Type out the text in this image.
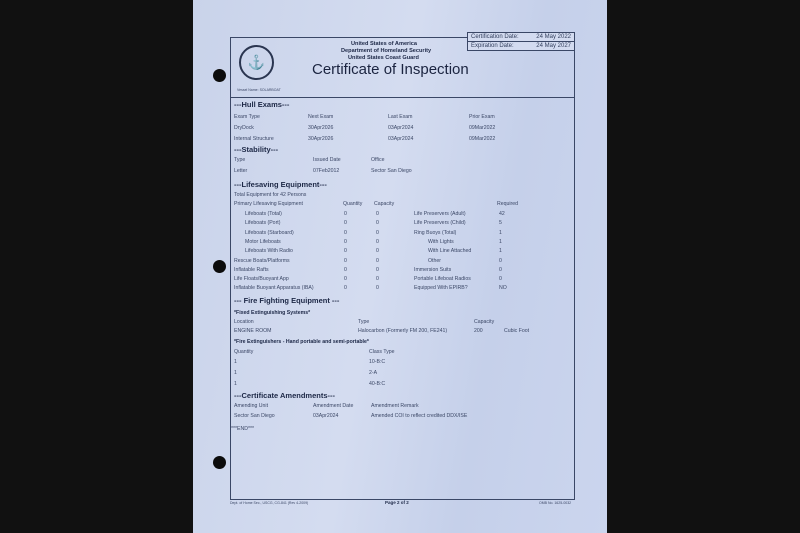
⚓
United States of America
Department of Homeland Security
United States Coast Guard
Certificate of Inspection
Vessel Name: SOLARBOAT
Certification Date:	24 May 2022
Expiration Date:	24 May 2027
---Hull Exams---
Exam Type	Next Exam	Last Exam	Prior Exam
DryDock	30Apr2026	03Apr2024	09Mar2022
Internal Structure	30Apr2026	03Apr2024	09Mar2022
---Stability---
Type	Issued Date	Office
Letter	07Feb2012	Sector San Diego
---Lifesaving Equipment---
Total Equipment for 42 Persons
Primary Lifesaving Equipment	Quantity Capacity	Required
Lifeboats (Total)	0	0	Life Preservers (Adult)	42
Lifeboats (Port)	0	0	Life Preservers (Child)	5
Lifeboats (Starboard)	0	0	Ring Buoys (Total)	1
Motor Lifeboats	0	0	With Lights	1
Lifeboats With Radio	0	0	With Line Attached	1
Rescue Boats/Platforms	0	0	Other	0
Inflatable Rafts	0	0	Immersion Suits	0
Life Floats/Buoyant App	0	0	Portable Lifeboat Radios	0
Inflatable Buoyant Apparatus (IBA)	0	0	Equipped With EPIRB?	NO
--- Fire Fighting Equipment ---
*Fixed Extinguishing Systems*
Location	Type	Capacity
ENGINE ROOM	Halocarbon (Formerly FM 200, FE241)	200	Cubic Foot
*Fire Extinguishers - Hand portable and semi-portable*
Quantity	Class Type
1	10-B:C
1	2-A
1	40-B:C
---Certificate Amendments---
Amending Unit	Amendment Date	Amendment Remark
Sector San Diego	03Apr2024	Amended COI to reflect credited DDX/ISE
***END***
Dept. of Home Sec., USCG, CG-841 (Rev 4-2009)	Page 2 of 2	OMB No. 1625-0032
